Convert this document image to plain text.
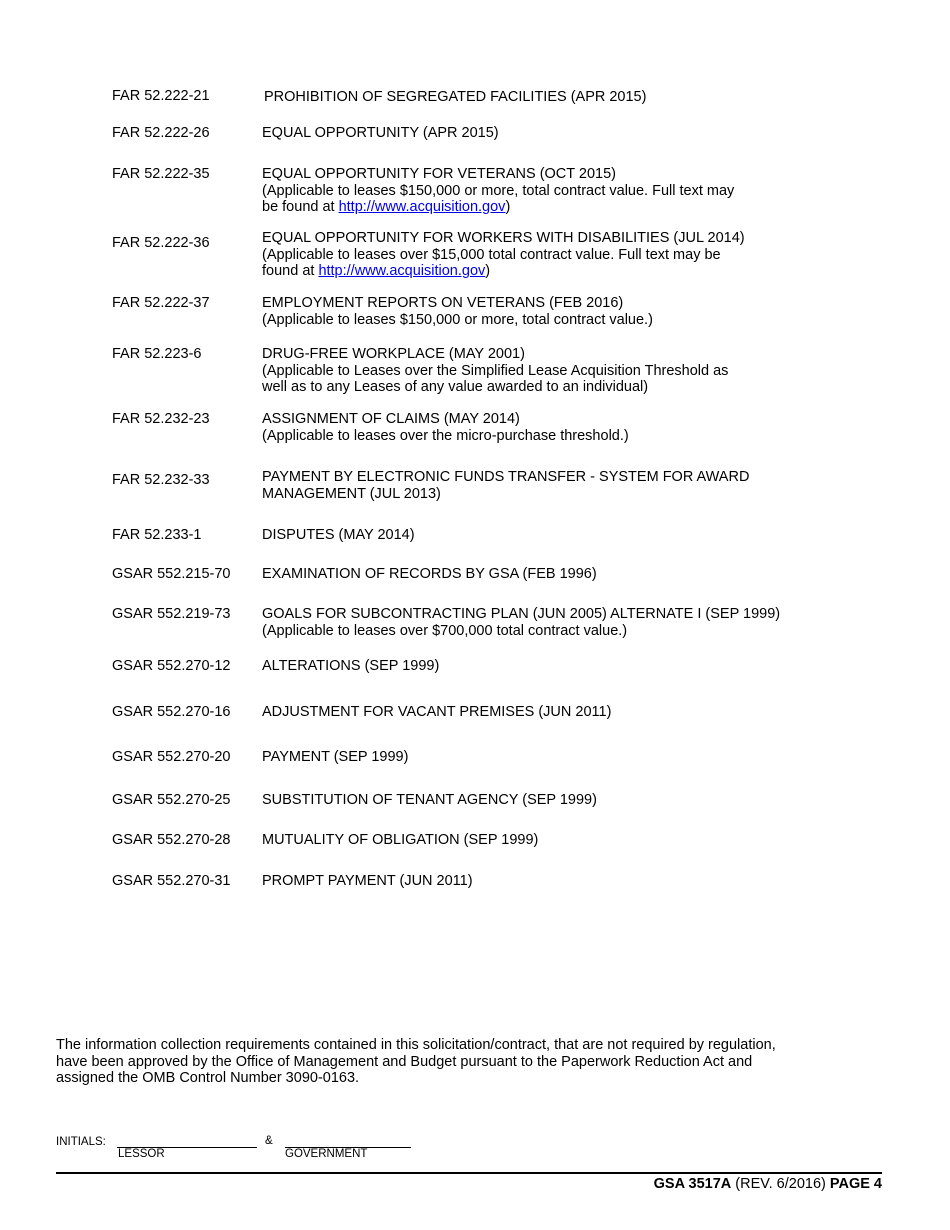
FAR 52.222-21	PROHIBITION OF SEGREGATED FACILITIES (APR 2015)
FAR 52.222-26	EQUAL OPPORTUNITY (APR 2015)
FAR 52.222-35	EQUAL OPPORTUNITY FOR VETERANS (OCT 2015)
(Applicable to leases $150,000 or more, total contract value. Full text may
be found at http://www.acquisition.gov)
FAR 52.222-36	EQUAL OPPORTUNITY FOR WORKERS WITH DISABILITIES (JUL 2014)
(Applicable to leases over $15,000 total contract value. Full text may be
found at http://www.acquisition.gov)
FAR 52.222-37	EMPLOYMENT REPORTS ON VETERANS (FEB 2016)
(Applicable to leases $150,000 or more, total contract value.)
FAR 52.223-6	DRUG-FREE WORKPLACE (MAY 2001)
(Applicable to Leases over the Simplified Lease Acquisition Threshold as
well as to any Leases of any value awarded to an individual)
FAR 52.232-23	ASSIGNMENT OF CLAIMS (MAY 2014)
(Applicable to leases over the micro-purchase threshold.)
FAR 52.232-33	PAYMENT BY ELECTRONIC FUNDS TRANSFER - SYSTEM FOR AWARD
MANAGEMENT (JUL 2013)
FAR 52.233-1	DISPUTES (MAY 2014)
GSAR 552.215-70 EXAMINATION OF RECORDS BY GSA (FEB 1996)
GSAR 552.219-73 GOALS FOR SUBCONTRACTING PLAN (JUN 2005) ALTERNATE I (SEP 1999)
(Applicable to leases over $700,000 total contract value.)
GSAR 552.270-12 ALTERATIONS (SEP 1999)
GSAR 552.270-16 ADJUSTMENT FOR VACANT PREMISES (JUN 2011)
GSAR 552.270-20 PAYMENT (SEP 1999)
GSAR 552.270-25 SUBSTITUTION OF TENANT AGENCY (SEP 1999)
GSAR 552.270-28 MUTUALITY OF OBLIGATION (SEP 1999)
GSAR 552.270-31 PROMPT PAYMENT (JUN 2011)
The information collection requirements contained in this solicitation/contract, that are not required by regulation,
have been approved by the Office of Management and Budget pursuant to the Paperwork Reduction Act and
assigned the OMB Control Number 3090-0163.
INITIALS:
LESSOR
&
GOVERNMENT
GSA 3517A (REV. 6/2016) PAGE 4
